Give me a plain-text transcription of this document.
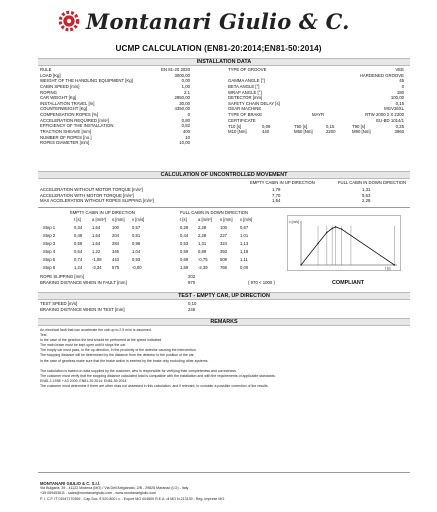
Montanari Giulio & C.
UCMP CALCULATION (EN81-20:2014;EN81-50:2014)
INSTALLATION DATA
RULE	EN 81-20 2020
LOAD [Kg]	3000,00
WEIGHT OF THE HANDLING EQUIPMENT [Kg]	0,00
CABIN SPEED [m/s]	1,00
ROPING	2:1
CAR WEIGHT [Kg]	2850,00
INSTALLATION TRAVEL [m]	30,00
COUNTERWEIGHT [Kg]	4350,00
COMPENSATION ROPES [%]	0
ACCELERATION REQUIRED [m/s²]	0,80
EFFICIENCY OF THE INSTALLATION	0,82
TRACTION SHEAVE [mm]	400
NUMBER OF ROPES [no.]	10
ROPES DIAMETER [mm]	10,00
TYPE OF GROOVE	VEE
HARDENED GROOVE
GAMMA ANGLE [°]	45
BETA ANGLE [°]	0
WRAP ANGLE [°]	180
DETECTOR [mm]	100,00
SAFETY CHAIN DELAY [s]	0,15
GEAR MACHINE	MGV36XL
TYPE OF BRAKE	MAYR	RTW 2000 2 X 2200
CERTIFICATE	EU-BD 1014/1
T10 [s]	0,09	T50 [s]	0,15	T90 [s]	0,25
M10 [Nm]	440	M50 [Nm]	2200	M90 [Nm]	3960
CALCULATION OF UNCONTROLLED MOVEMENT
EMPTY CABIN IN UP DIRECTION	FULL CABIN IN DOWN DIRECTION
ACCELERATION WITHOUT MOTOR TORQUE [m/s²]	1,79	1,31
ACCELERATION WITH MOTOR TORQUE [m/s²]	7,70	5,63
MAX ACCELERATION WITHOUT ROPES SLIPPING [m/s²]	1,64	2,28
EMPTY CABIN IN UP DIRECTION	FULL CABIN IN DOWN DIRECTION
t [s]	a [m/s²] s [mm] v [m/s]	t [s]	a [m/s²] s [mm] v [m/s]
Step 1	0,34 1,64	100	0,57	0,29 2,28	100	0,67
Step 2	0,49 1,64	204	0,81	0,44 2,28	227	1,01
Step 3	0,59 1,64	284	0,96	0,53 1,31	324	1,13
Step 4	0,64 1,22	345	1,04	0,59 0,89	393	1,18
Step 5	0,74 -1,08 443	0,93	0,69 -0,75	509	1,11
Step 6	1,24 -3,34 575	-0,00	1,59 -2,39	766	0,00
v [m/s]
t [s]
ROPE SLIPPING [mm]	202
BRAKING DISTANCE WHEN IN FAULT [mm]	970	( 970 < 1000 )	COMPLIANT
TEST - EMPTY CAR, UP DIRECTION
TEST SPEED [m/s]	0,10
BRAKING DISTANCE WHEN IN TEST [mm]	246
REMARKS

An electrical fault that can accelerate the cab up to 2.5 m/s² is assumed.

Test

In the case of the gearbox the test should be performed at the speed indicated.

The main brake must be kept open until it stops the car.

The empty car must pass, in the up direction, in the proximity of the detector causing the intervention.

The stopping distance will be determined by the distance from the detector to the position of the car.

In the case of gearless make sure that the brake action is exerted by the brake only excluding other systems.

The calculation is based on data supplied by the customer, who is responsible for verifying their completeness and correctness.

The customer must verify that the stopping distance calculated total is compatible with the installation and with the requirements of applicable standards:

EN81-1:1998 + A3 2009; EN81-20:2014; EN81-50:2014

The customer must determine if there are other risks not assessed in this calculation, and if relevant, to consider a possible correction of the results.

MONTANARI GIULIO & C. S.r.l.

Via Bulgaria, 39 - 41122 Modena (MO) / Via Dell'Artigianato, 2/B - 29825 Maranaò (LO) - Italy

+39 059453611 - sales@montanarigiulio.com - www.montanarigiulio.com

P. I. C.F. IT 01947170369 - Cap.Soc. € 520.800 i.v. - Export MO 004600 R.E.A. di MO N.213139 - Reg. Imprese MO.
